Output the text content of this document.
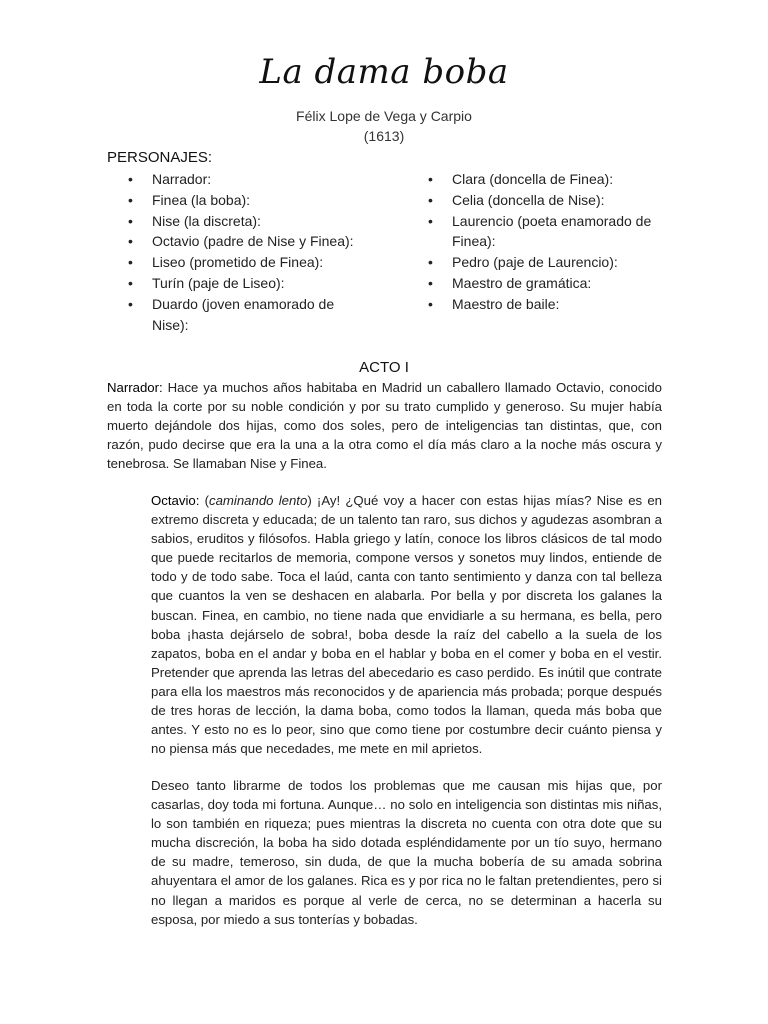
La dama boba
Félix Lope de Vega y Carpio
(1613)
PERSONAJES:
• Narrador:
• Finea (la boba):
• Nise (la discreta):
• Octavio (padre de Nise y Finea):
• Liseo (prometido de Finea):
• Turín (paje de Liseo):
• Duardo (joven enamorado de Nise):
• Clara (doncella de Finea):
• Celia (doncella de Nise):
• Laurencio (poeta enamorado de Finea):
• Pedro (paje de Laurencio):
• Maestro de gramática:
• Maestro de baile:
ACTO I

Narrador: Hace ya muchos años habitaba en Madrid un caballero llamado Octavio, conocido en toda la corte por su noble condición y por su trato cumplido y generoso. Su mujer había muerto dejándole dos hijas, como dos soles, pero de inteligencias tan distintas, que, con razón, pudo decirse que era la una a la otra como el día más claro a la noche más oscura y tenebrosa. Se llamaban Nise y Finea.

Octavio: (caminando lento) ¡Ay! ¿Qué voy a hacer con estas hijas mías? Nise es en extremo discreta y educada; de un talento tan raro, sus dichos y agudezas asombran a sabios, eruditos y filósofos. Habla griego y latín, conoce los libros clásicos de tal modo que puede recitarlos de memoria, compone versos y sonetos muy lindos, entiende de todo y de todo sabe. Toca el laúd, canta con tanto sentimiento y danza con tal belleza que cuantos la ven se deshacen en alabarla. Por bella y por discreta los galanes la buscan. Finea, en cambio, no tiene nada que envidiarle a su hermana, es bella, pero boba ¡hasta dejárselo de sobra!, boba desde la raíz del cabello a la suela de los zapatos, boba en el andar y boba en el hablar y boba en el comer y boba en el vestir. Pretender que aprenda las letras del abecedario es caso perdido. Es inútil que contrate para ella los maestros más reconocidos y de apariencia más probada; porque después de tres horas de lección, la dama boba, como todos la llaman, queda más boba que antes. Y esto no es lo peor, sino que como tiene por costumbre decir cuánto piensa y no piensa más que necedades, me mete en mil aprietos.

Deseo tanto librarme de todos los problemas que me causan mis hijas que, por casarlas, doy toda mi fortuna. Aunque… no solo en inteligencia son distintas mis niñas, lo son también en riqueza; pues mientras la discreta no cuenta con otra dote que su mucha discreción, la boba ha sido dotada espléndidamente por un tío suyo, hermano de su madre, temeroso, sin duda, de que la mucha bobería de su amada sobrina ahuyentara el amor de los galanes. Rica es y por rica no le faltan pretendientes, pero si no llegan a maridos es porque al verle de cerca, no se determinan a hacerla su esposa, por miedo a sus tonterías y bobadas.
